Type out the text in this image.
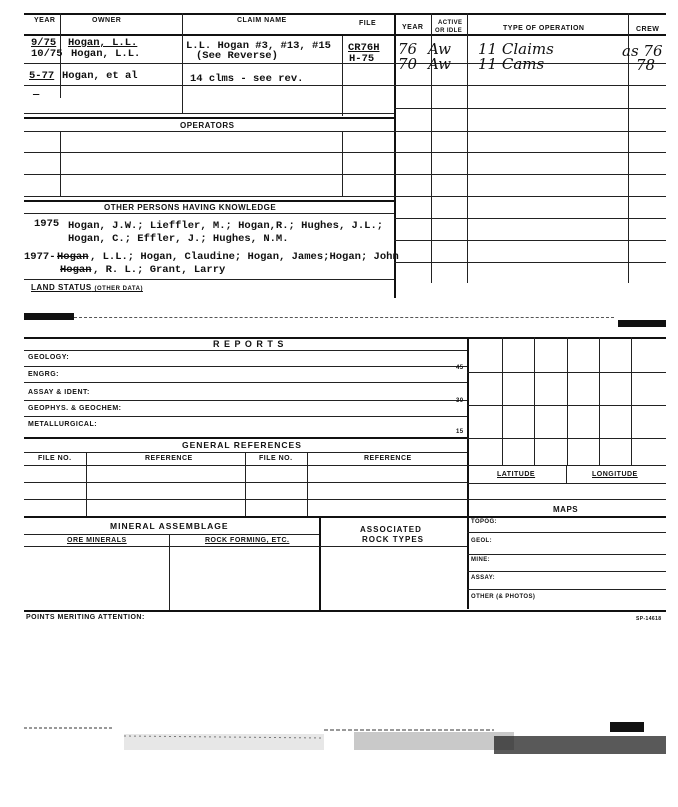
YEAR	OWNER	CLAIM NAME	FILE
YEAR
ACTIVE
OR IDLE	TYPE OF OPERATION	CREW
9/75 Hogan, L.L.	L.L. Hogan #3, #13, #15 CR76H
10/75 Hogan, L.L.	(See Reverse)	H-75
5-77 Hogan, et al	14 clms - see rev.
—
76 Aw 11 Claims	as 76
70 Aw 11 Cams	78
OPERATORS
OTHER PERSONS HAVING KNOWLEDGE
1975 Hogan, J.W.; Lieffler, M.; Hogan,R.; Hughes, J.L.;
Hogan, C.; Effler, J.; Hughes, N.M.
1977- Hogan , L.L.; Hogan, Claudine; Hogan, James;Hogan; John
Hogan , R. L.; Grant, Larry
LAND STATUS (OTHER DATA)
R E P O R T S
GEOLOGY:
ENGRG:
45
ASSAY & IDENT:
30
GEOPHYS. & GEOCHEM:
METALLURGICAL:
15
GENERAL REFERENCES
FILE NO.	REFERENCE	FILE NO.	REFERENCE
LATITUDE	LONGITUDE
MAPS
TOPOG:
GEOL:
MINE:
ASSAY:
OTHER (& PHOTOS)
MINERAL ASSEMBLAGE
ORE MINERALS	ROCK FORMING, ETC.
ASSOCIATED
ROCK TYPES
POINTS MERITING ATTENTION:	SP-14618
